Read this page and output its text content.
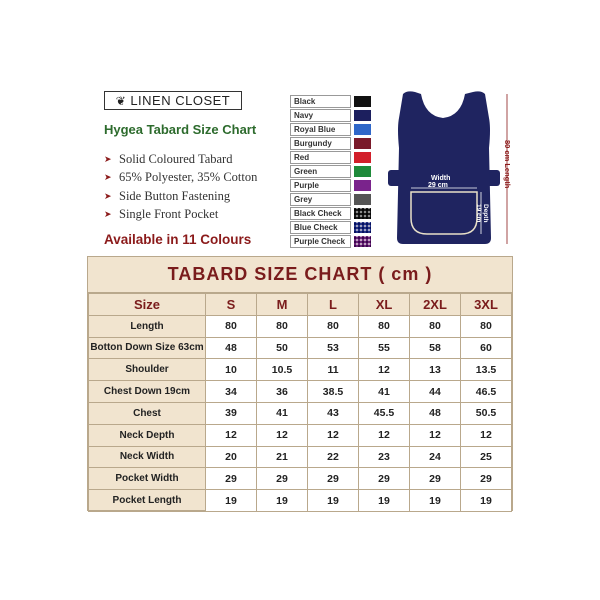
❦ LINEN CLOSET
Hygea Tabard Size Chart
➤ Solid Coloured Tabard
➤ 65% Polyester, 35% Cotton
➤ Side Button Fastening
➤ Single Front Pocket
Available in 11 Colours
Black
Navy
Royal Blue
Burgundy
Red
Green
Purple
Grey
Black Check
Blue Check
Purple Check
Width
29 cm
Depth
19 cm
80 cm Length
TABARD SIZE CHART ( cm )
Size	S	M	L	XL	2XL	3XL
Length	80	80	80	80	80	80
Botton Down Size 63cm	48	50	53	55	58	60
Shoulder	10	10.5	11	12	13	13.5
Chest Down 19cm	34	36	38.5	41	44	46.5
Chest	39	41	43	45.5	48	50.5
Neck Depth	12	12	12	12	12	12
Neck Width	20	21	22	23	24	25
Pocket Width	29	29	29	29	29	29
Pocket Length	19	19	19	19	19	19
